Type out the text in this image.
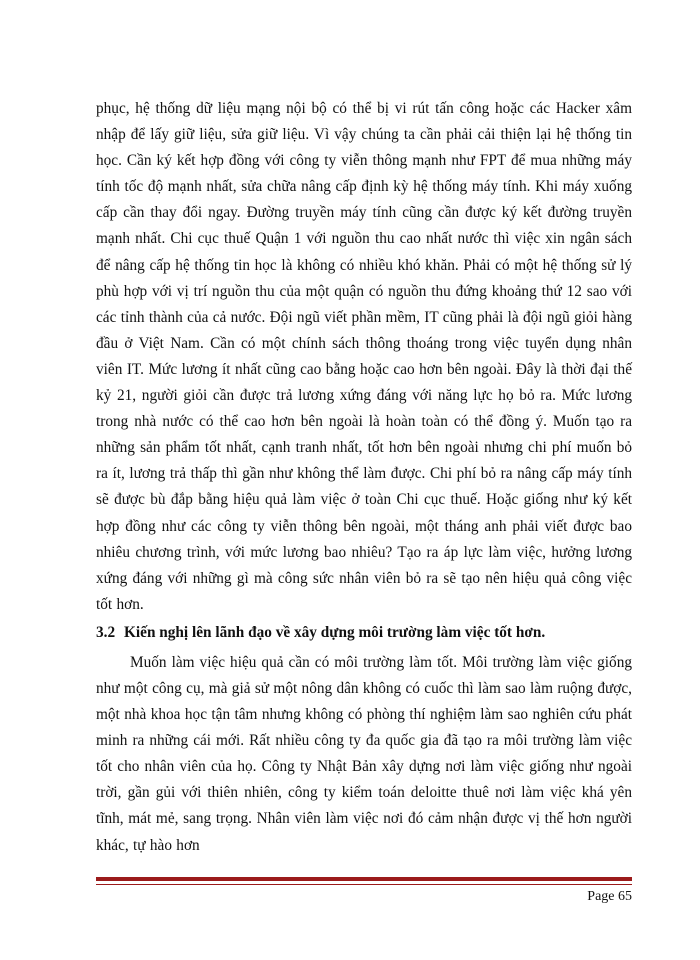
phục, hệ thống dữ liệu mạng nội bộ có thể bị vi rút tấn công hoặc các Hacker xâm nhập để lấy giữ liệu, sửa giữ liệu. Vì vậy chúng ta cần phải cải thiện lại hệ thống tin học. Cần ký kết hợp đồng với công ty viễn thông mạnh như FPT để mua những máy tính tốc độ mạnh nhất, sửa chữa nâng cấp định kỳ hệ thống máy tính. Khi máy xuống cấp cần thay đổi ngay. Đường truyền máy tính cũng cần được ký kết đường truyền mạnh nhất. Chi cục thuế Quận 1 với nguồn thu cao nhất nước thì việc xin ngân sách để nâng cấp hệ thống tin học là không có nhiều khó khăn. Phải có một hệ thống sử lý phù hợp với vị trí nguồn thu của một quận có nguồn thu đứng khoảng thứ 12 sao với các tỉnh thành của cả nước. Đội ngũ viết phần mềm, IT cũng phải là đội ngũ giỏi hàng đầu ở Việt Nam. Cần có một chính sách thông thoáng trong việc tuyển dụng nhân viên IT. Mức lương ít nhất cũng cao bằng hoặc cao hơn bên ngoài. Đây là thời đại thế kỷ 21, người giỏi cần được trả lương xứng đáng với năng lực họ bỏ ra. Mức lương trong nhà nước có thể cao hơn bên ngoài là hoàn toàn có thể đồng ý. Muốn tạo ra những sản phẩm tốt nhất, cạnh tranh nhất, tốt hơn bên ngoài nhưng chi phí muốn bỏ ra ít, lương trả thấp thì gần như không thể làm được. Chi phí bỏ ra nâng cấp máy tính sẽ được bù đắp bằng hiệu quả làm việc ở toàn Chi cục thuế. Hoặc giống như ký kết hợp đồng như các công ty viễn thông bên ngoài, một tháng anh phải viết được bao nhiêu chương trình, với mức lương bao nhiêu? Tạo ra áp lực làm việc, hưởng lương xứng đáng với những gì mà công sức nhân viên bỏ ra sẽ tạo nên hiệu quả công việc tốt hơn.

3.2 Kiến nghị lên lãnh đạo về xây dựng môi trường làm việc tốt hơn.

Muốn làm việc hiệu quả cần có môi trường làm tốt. Môi trường làm việc giống như một công cụ, mà giả sử một nông dân không có cuốc thì làm sao làm ruộng được, một nhà khoa học tận tâm nhưng không có phòng thí nghiệm làm sao nghiên cứu phát minh ra những cái mới. Rất nhiều công ty đa quốc gia đã tạo ra môi trường làm việc tốt cho nhân viên của họ. Công ty Nhật Bản xây dựng nơi làm việc giống như ngoài trời, gần gủi với thiên nhiên, công ty kiểm toán deloitte thuê nơi làm việc khá yên tĩnh, mát mẻ, sang trọng. Nhân viên làm việc nơi đó cảm nhận được vị thế hơn người khác, tự hào hơn

Page 65
